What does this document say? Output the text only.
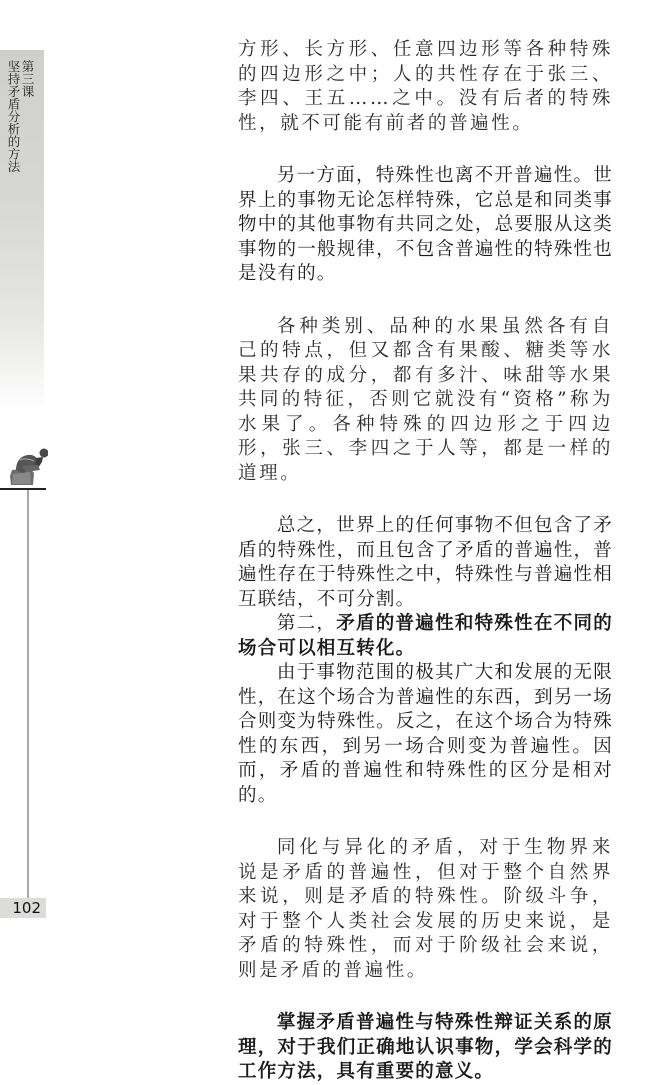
第三课
坚持矛盾分析的方法
102

方形、长方形、任意四边形等各种特殊的四边形之中；人的共性存在于张三、李四、王五……之中。没有后者的特殊性，就不可能有前者的普遍性。

另一方面，特殊性也离不开普遍性。世界上的事物无论怎样特殊，它总是和同类事物中的其他事物有共同之处，总要服从这类事物的一般规律，不包含普遍性的特殊性也是没有的。

各种类别、品种的水果虽然各有自己的特点，但又都含有果酸、糖类等水果共存的成分，都有多汁、味甜等水果共同的特征，否则它就没有“资格”称为水果了。各种特殊的四边形之于四边形，张三、李四之于人等，都是一样的道理。

总之，世界上的任何事物不但包含了矛盾的特殊性，而且包含了矛盾的普遍性，普遍性存在于特殊性之中，特殊性与普遍性相互联结，不可分割。

第二，矛盾的普遍性和特殊性在不同的场合可以相互转化。

由于事物范围的极其广大和发展的无限性，在这个场合为普遍性的东西，到另一场合则变为特殊性。反之，在这个场合为特殊性的东西，到另一场合则变为普遍性。因而，矛盾的普遍性和特殊性的区分是相对的。

同化与异化的矛盾，对于生物界来说是矛盾的普遍性，但对于整个自然界来说，则是矛盾的特殊性。阶级斗争，对于整个人类社会发展的历史来说，是矛盾的特殊性，而对于阶级社会来说，则是矛盾的普遍性。

掌握矛盾普遍性与特殊性辩证关系的原理，对于我们正确地认识事物，学会科学的工作方法，具有重要的意义。
